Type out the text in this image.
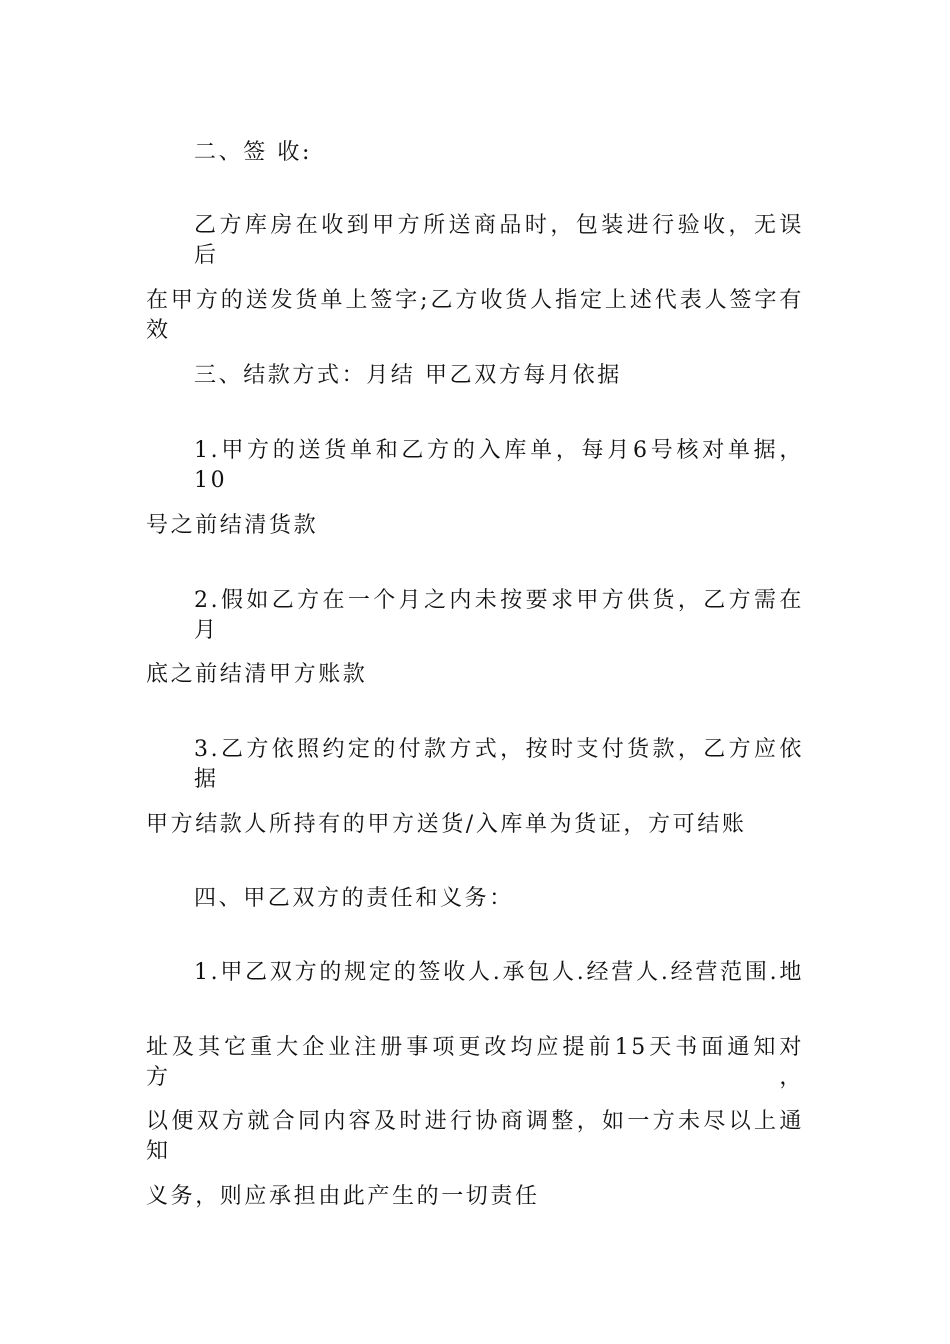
二、签 收:
乙方库房在收到甲方所送商品时，包装进行验收，无误后
在甲方的送发货单上签字;乙方收货人指定上述代表人签字有效
三、结款方式：月结 甲乙双方每月依据
1.甲方的送货单和乙方的入库单，每月6号核对单据，10
号之前结清货款
2.假如乙方在一个月之内未按要求甲方供货，乙方需在月
底之前结清甲方账款
3.乙方依照约定的付款方式，按时支付货款，乙方应依据
甲方结款人所持有的甲方送货/入库单为货证，方可结账
四、甲乙双方的责任和义务：
1.甲乙双方的规定的签收人.承包人.经营人.经营范围.地
址及其它重大企业注册事项更改均应提前15天书面通知对方，
以便双方就合同内容及时进行协商调整，如一方未尽以上通知
义务，则应承担由此产生的一切责任
